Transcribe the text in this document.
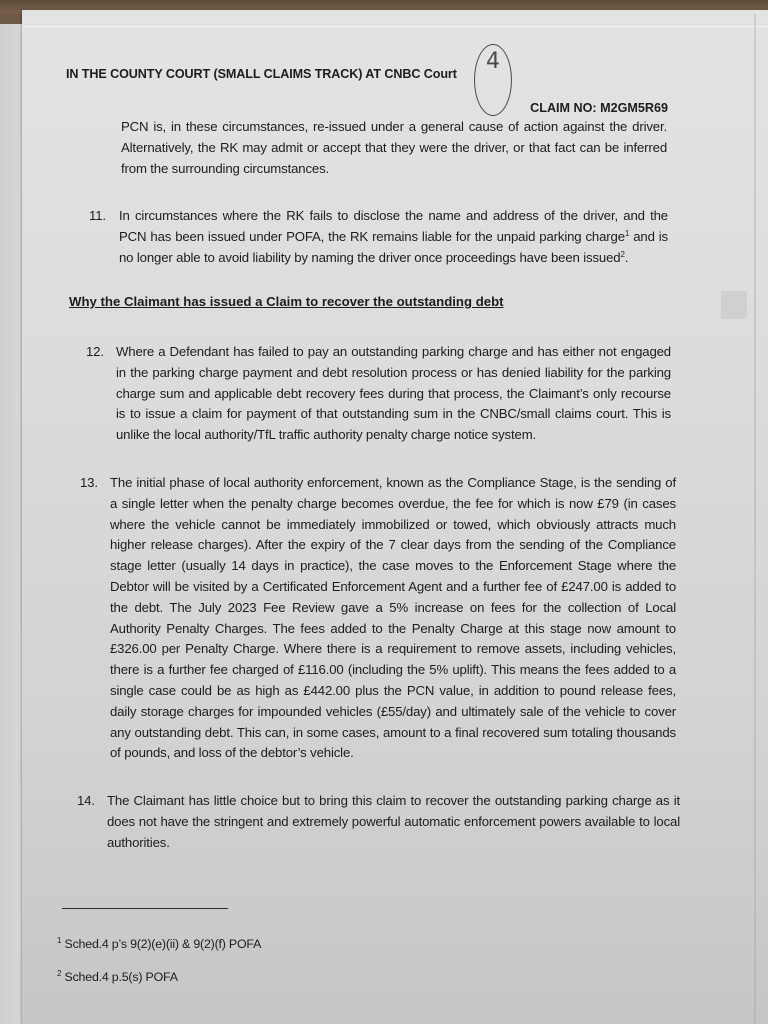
IN THE COUNTY COURT (SMALL CLAIMS TRACK) AT CNBC Court 4
CLAIM NO: M2GM5R69
PCN is, in these circumstances, re-issued under a general cause of action against the driver. Alternatively, the RK may admit or accept that they were the driver, or that fact can be inferred from the surrounding circumstances.
11. In circumstances where the RK fails to disclose the name and address of the driver, and the PCN has been issued under POFA, the RK remains liable for the unpaid parking charge$^1$ and is no longer able to avoid liability by naming the driver once proceedings have been issued$^2$.
Why the Claimant has issued a Claim to recover the outstanding debt
12. Where a Defendant has failed to pay an outstanding parking charge and has either not engaged in the parking charge payment and debt resolution process or has denied liability for the parking charge sum and applicable debt recovery fees during that process, the Claimant’s only recourse is to issue a claim for payment of that outstanding sum in the CNBC/small claims court. This is unlike the local authority/TfL traffic authority penalty charge notice system.
13. The initial phase of local authority enforcement, known as the Compliance Stage, is the sending of a single letter when the penalty charge becomes overdue, the fee for which is now £79 (in cases where the vehicle cannot be immediately immobilized or towed, which obviously attracts much higher release charges). After the expiry of the 7 clear days from the sending of the Compliance stage letter (usually 14 days in practice), the case moves to the Enforcement Stage where the Debtor will be visited by a Certificated Enforcement Agent and a further fee of £247.00 is added to the debt. The July 2023 Fee Review gave a 5% increase on fees for the collection of Local Authority Penalty Charges. The fees added to the Penalty Charge at this stage now amount to £326.00 per Penalty Charge. Where there is a requirement to remove assets, including vehicles, there is a further fee charged of £116.00 (including the 5% uplift). This means the fees added to a single case could be as high as £442.00 plus the PCN value, in addition to pound release fees, daily storage charges for impounded vehicles (£55/day) and ultimately sale of the vehicle to cover any outstanding debt. This can, in some cases, amount to a final recovered sum totaling thousands of pounds, and loss of the debtor’s vehicle.
14. The Claimant has little choice but to bring this claim to recover the outstanding parking charge as it does not have the stringent and extremely powerful automatic enforcement powers available to local authorities.
$^1$ Sched.4 p’s 9(2)(e)(ii) & 9(2)(f) POFA
$^2$ Sched.4 p.5(s) POFA
